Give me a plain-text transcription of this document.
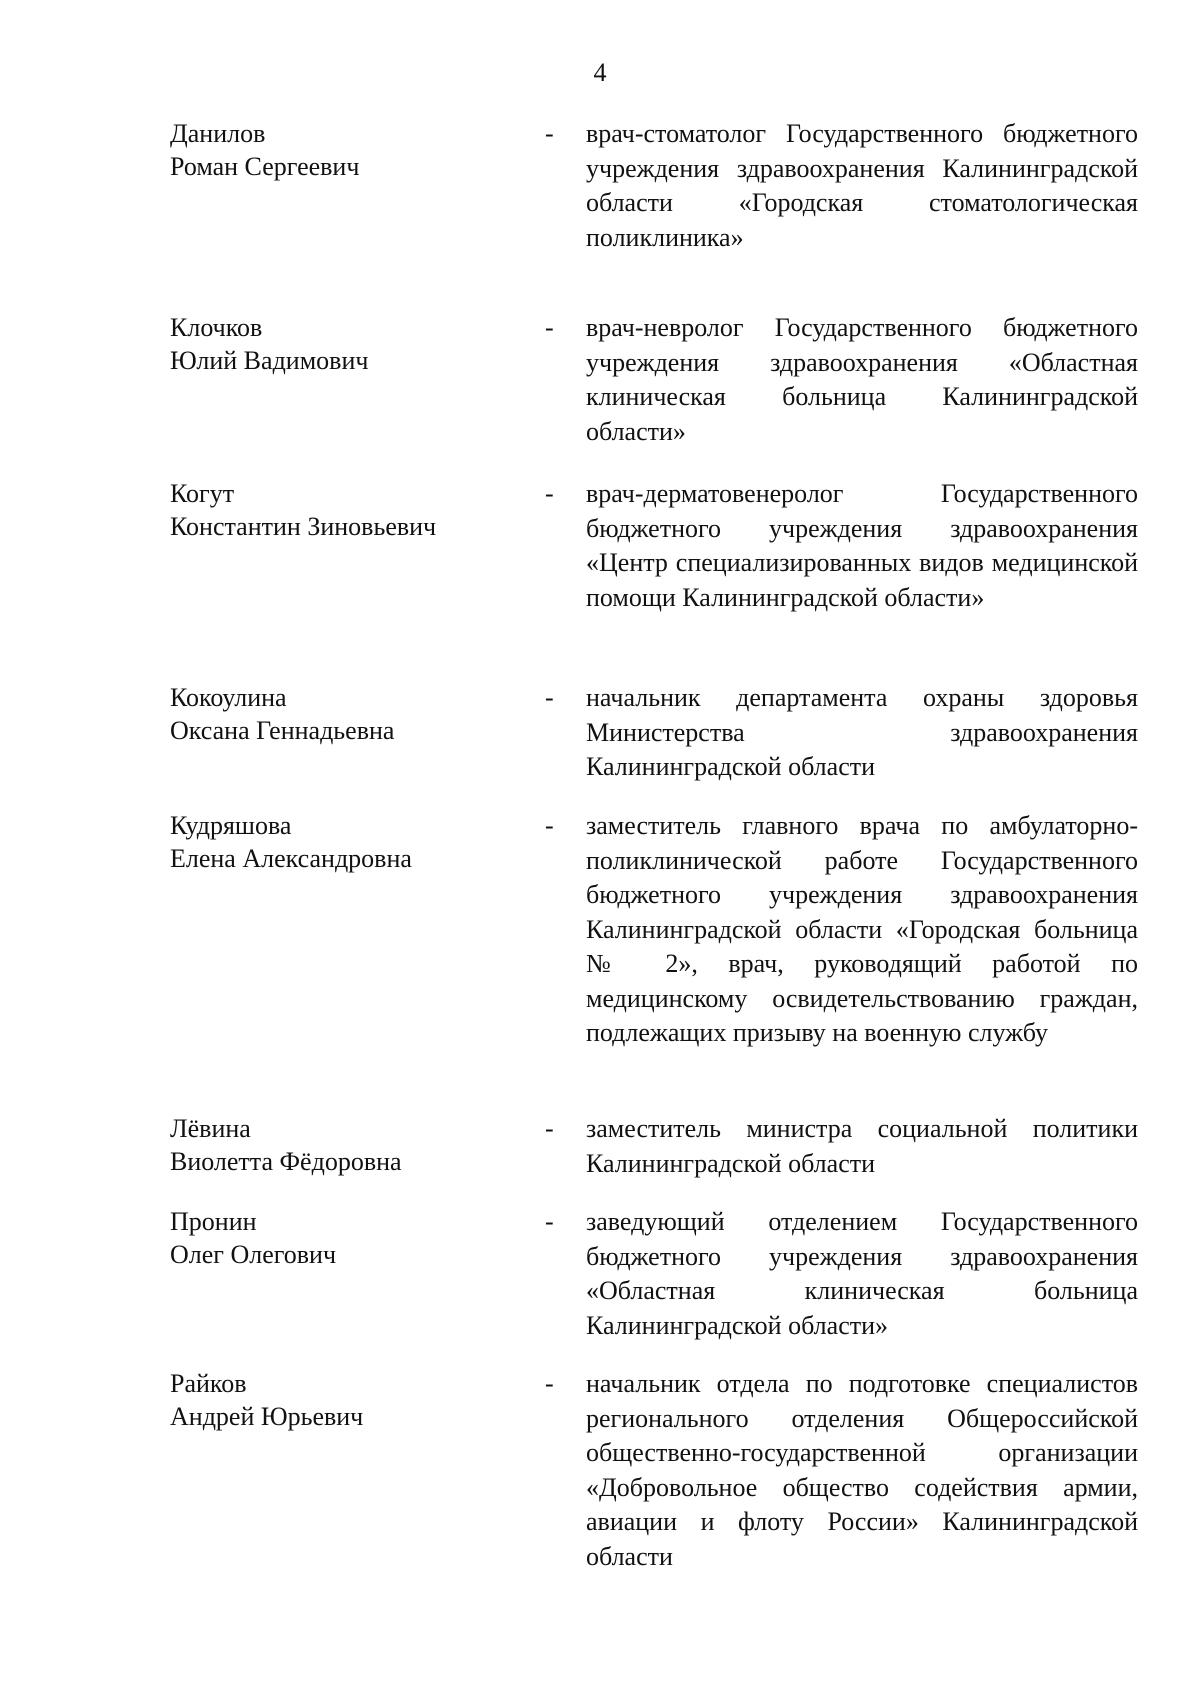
4
Данилов
Роман Сергеевич
- врач-стоматолог Государственного бюджетного учреждения здравоохранения Калининградской области «Городская стоматологическая поликлиника»
Клочков
Юлий Вадимович
- врач-невролог Государственного бюджетного учреждения здравоохранения «Областная клиническая больница Калининградской области»
Когут
Константин Зиновьевич
- врач-дерматовенеролог Государственного бюджетного учреждения здравоохранения «Центр специализированных видов медицинской помощи Калининградской области»
Кокоулина
Оксана Геннадьевна
- начальник департамента охраны здоровья Министерства здравоохранения Калининградской области
Кудряшова
Елена Александровна
- заместитель главного врача по амбулаторно-поликлинической работе Государственного бюджетного учреждения здравоохранения Калининградской области «Городская больница № 2», врач, руководящий работой по медицинскому освидетельствованию граждан, подлежащих призыву на военную службу
Лёвина
Виолетта Фёдоровна
- заместитель министра социальной политики Калининградской области
Пронин
Олег Олегович
- заведующий отделением Государственного бюджетного учреждения здравоохранения «Областная клиническая больница Калининградской области»
Райков
Андрей Юрьевич
- начальник отдела по подготовке специалистов регионального отделения Общероссийской общественно-государственной организации «Добровольное общество содействия армии, авиации и флоту России» Калининградской области
